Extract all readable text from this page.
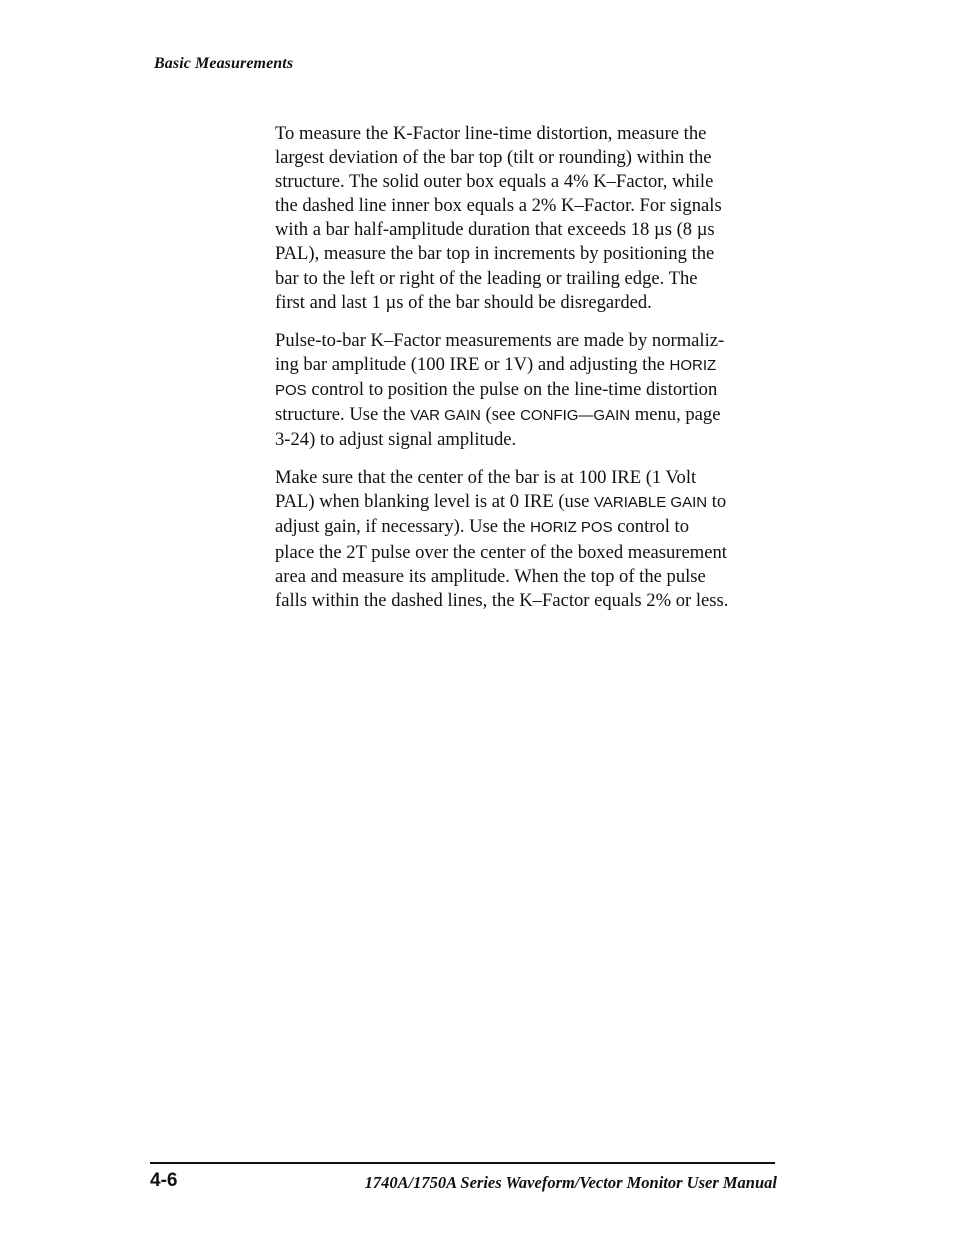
Basic Measurements

To measure the K-Factor line-time distortion, measure the
largest deviation of the bar top (tilt or rounding) within the
structure. The solid outer box equals a 4% K–Factor, while
the dashed line inner box equals a 2% K–Factor. For signals
with a bar half-amplitude duration that exceeds 18 µs (8 µs
PAL), measure the bar top in increments by positioning the
bar to the left or right of the leading or trailing edge. The
first and last 1 µs of the bar should be disregarded.

Pulse-to-bar K–Factor measurements are made by normaliz-
ing bar amplitude (100 IRE or 1V) and adjusting the HORIZ
POS control to position the pulse on the line-time distortion
structure. Use the VAR GAIN (see CONFIG—GAIN menu, page
3-24) to adjust signal amplitude.

Make sure that the center of the bar is at 100 IRE (1 Volt
PAL) when blanking level is at 0 IRE (use VARIABLE GAIN to
adjust gain, if necessary). Use the HORIZ POS control to
place the 2T pulse over the center of the boxed measurement
area and measure its amplitude. When the top of the pulse
falls within the dashed lines, the K–Factor equals 2% or less.

4-6	1740A/1750A Series Waveform/Vector Monitor User Manual
